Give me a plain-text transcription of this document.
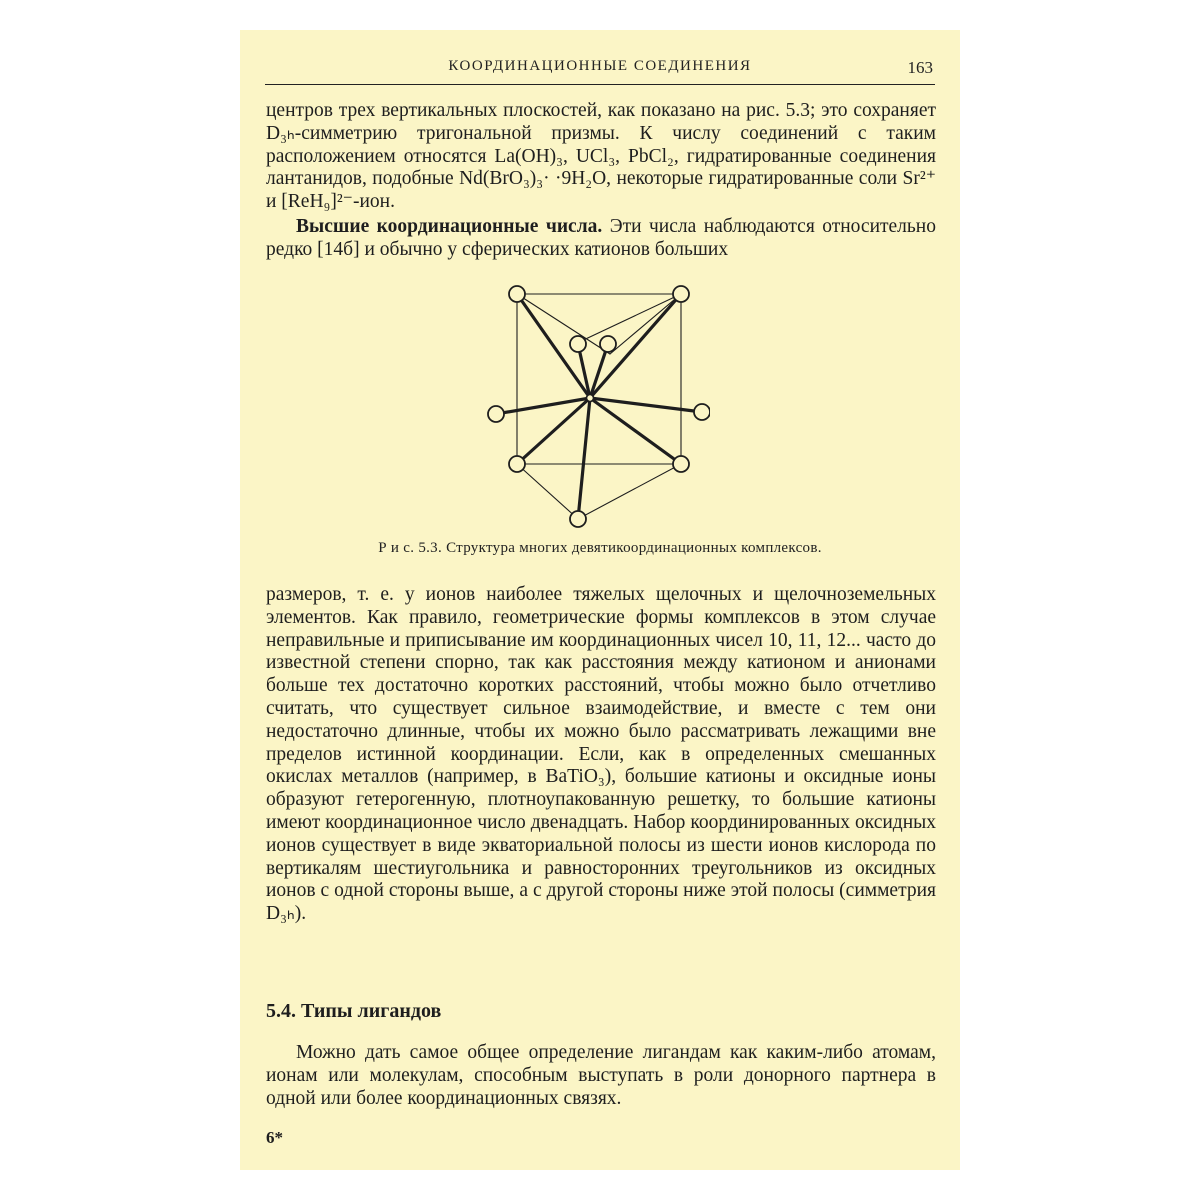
КООРДИНАЦИОННЫЕ СОЕДИНЕНИЯ	163

центров трех вертикальных плоскостей, как показано на рис. 5.3; это сохраняет D₃ₕ-симметрию тригональной призмы. К числу соединений с таким расположением относятся La(OH)₃, UCl₃, PbCl₂, гидратированные соединения лантанидов, подобные Nd(BrO₃)₃· ·9H₂O, некоторые гидратированные соли Sr²⁺ и [ReH₉]²⁻-ион.

Высшие координационные числа. Эти числа наблюдаются относительно редко [14б] и обычно у сферических катионов больших

Р и с. 5.3. Структура многих девятикоординационных комплексов.

размеров, т. е. у ионов наиболее тяжелых щелочных и щелочноземельных элементов. Как правило, геометрические формы комплексов в этом случае неправильные и приписывание им координационных чисел 10, 11, 12... часто до известной степени спорно, так как расстояния между катионом и анионами больше тех достаточно коротких расстояний, чтобы можно было отчетливо считать, что существует сильное взаимодействие, и вместе с тем они недостаточно длинные, чтобы их можно было рассматривать лежащими вне пределов истинной координации. Если, как в определенных смешанных окислах металлов (например, в BaTiO₃), большие катионы и оксидные ионы образуют гетерогенную, плотноупакованную решетку, то большие катионы имеют координационное число двенадцать. Набор координированных оксидных ионов существует в виде экваториальной полосы из шести ионов кислорода по вертикалям шестиугольника и равносторонних треугольников из оксидных ионов с одной стороны выше, а с другой стороны ниже этой полосы (симметрия D₃ₕ).

5.4. Типы лигандов

Можно дать самое общее определение лигандам как каким-либо атомам, ионам или молекулам, способным выступать в роли донорного партнера в одной или более координационных связях.

6*
